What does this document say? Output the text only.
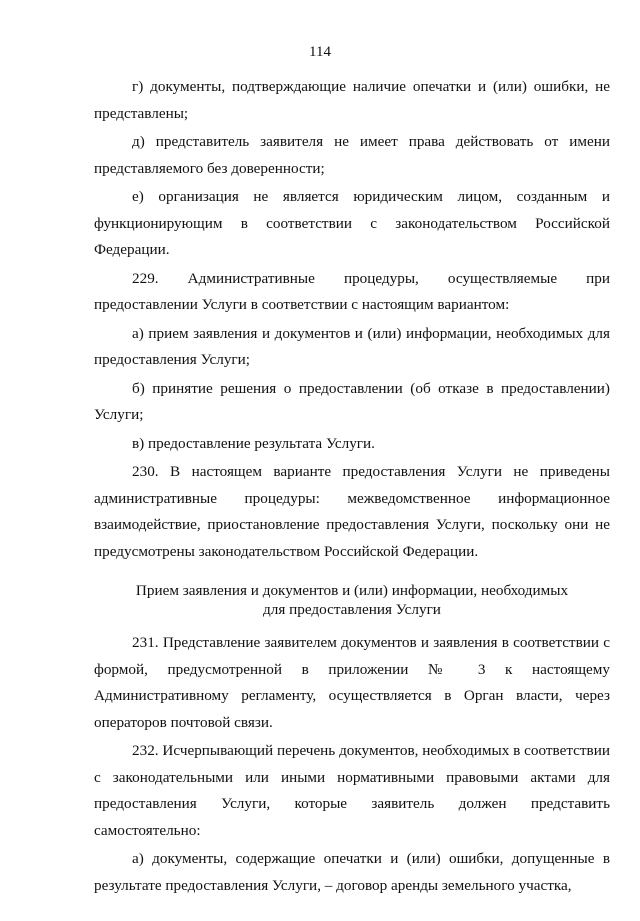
114

г) документы, подтверждающие наличие опечатки и (или) ошибки, не представлены;

д) представитель заявителя не имеет права действовать от имени представляемого без доверенности;

е) организация не является юридическим лицом, созданным и функционирующим в соответствии с законодательством Российской Федерации.

229. Административные процедуры, осуществляемые при предоставлении Услуги в соответствии с настоящим вариантом:

а) прием заявления и документов и (или) информации, необходимых для предоставления Услуги;

б) принятие решения о предоставлении (об отказе в предоставлении) Услуги;

в) предоставление результата Услуги.

230. В настоящем варианте предоставления Услуги не приведены административные процедуры: межведомственное информационное взаимодействие, приостановление предоставления Услуги, поскольку они не предусмотрены законодательством Российской Федерации.

Прием заявления и документов и (или) информации, необходимых
для предоставления Услуги

231. Представление заявителем документов и заявления в соответствии с формой, предусмотренной в приложении № 3 к настоящему Административному регламенту, осуществляется в Орган власти, через операторов почтовой связи.

232. Исчерпывающий перечень документов, необходимых в соответствии с законодательными или иными нормативными правовыми актами для предоставления Услуги, которые заявитель должен представить самостоятельно:

а) документы, содержащие опечатки и (или) ошибки, допущенные в результате предоставления Услуги, – договор аренды земельного участка,
